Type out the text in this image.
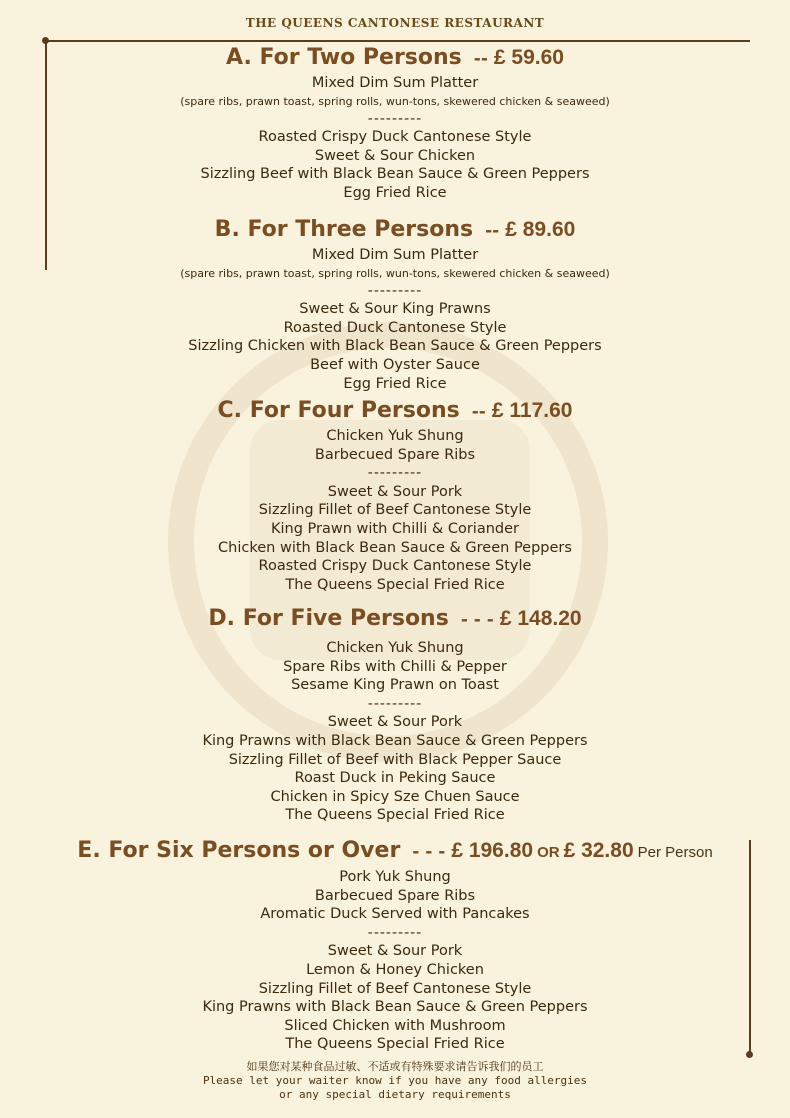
THE QUEENS CANTONESE RESTAURANT
A. For Two Persons -- £ 59.60
Mixed Dim Sum Platter
(spare ribs, prawn toast, spring rolls, wun-tons, skewered chicken & seaweed)
---------
Roasted Crispy Duck Cantonese Style
Sweet & Sour Chicken
Sizzling Beef with Black Bean Sauce & Green Peppers
Egg Fried Rice
B. For Three Persons -- £ 89.60
Mixed Dim Sum Platter
(spare ribs, prawn toast, spring rolls, wun-tons, skewered chicken & seaweed)
---------
Sweet & Sour King Prawns
Roasted Duck Cantonese Style
Sizzling Chicken with Black Bean Sauce & Green Peppers
Beef with Oyster Sauce
Egg Fried Rice
C. For Four Persons -- £ 117.60
Chicken Yuk Shung
Barbecued Spare Ribs
---------
Sweet & Sour Pork
Sizzling Fillet of Beef Cantonese Style
King Prawn with Chilli & Coriander
Chicken with Black Bean Sauce & Green Peppers
Roasted Crispy Duck Cantonese Style
The Queens Special Fried Rice
D. For Five Persons - - - £ 148.20
Chicken Yuk Shung
Spare Ribs with Chilli & Pepper
Sesame King Prawn on Toast
---------
Sweet & Sour Pork
King Prawns with Black Bean Sauce & Green Peppers
Sizzling Fillet of Beef with Black Pepper Sauce
Roast Duck in Peking Sauce
Chicken in Spicy Sze Chuen Sauce
The Queens Special Fried Rice
E. For Six Persons or Over - - - £ 196.80 OR £ 32.80 Per Person
Pork Yuk Shung
Barbecued Spare Ribs
Aromatic Duck Served with Pancakes
---------
Sweet & Sour Pork
Lemon & Honey Chicken
Sizzling Fillet of Beef Cantonese Style
King Prawns with Black Bean Sauce & Green Peppers
Sliced Chicken with Mushroom
The Queens Special Fried Rice
如果您对某种食品过敏、不适或有特殊要求请告诉我们的员工
Please let your waiter know if you have any food allergies
or any special dietary requirements
